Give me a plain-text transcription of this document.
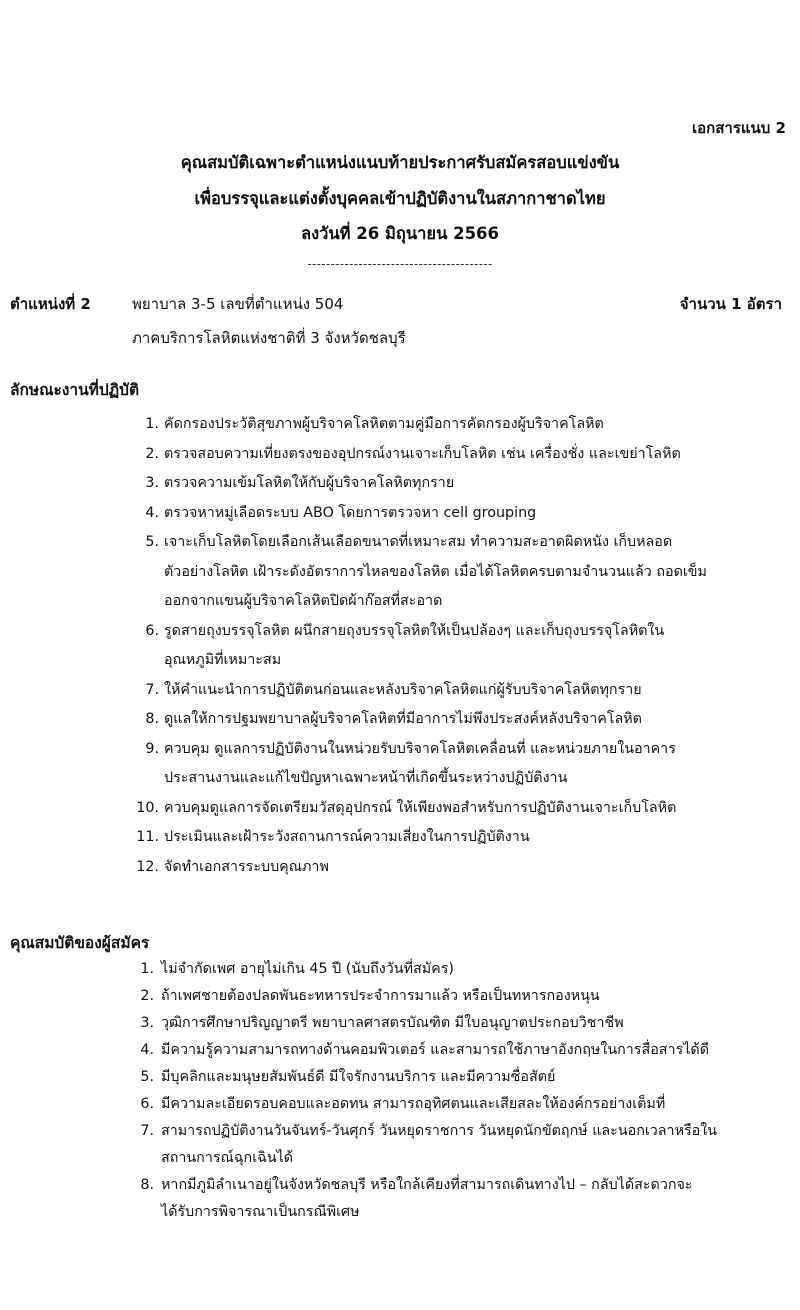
เอกสารแนบ 2
คุณสมบัติเฉพาะตำแหน่งแนบท้ายประกาศรับสมัครสอบแข่งขัน
เพื่อบรรจุและแต่งตั้งบุคคลเข้าปฏิบัติงานในสภากาชาดไทย
ลงวันที่ 26 มิถุนายน 2566
----------------------------------------
ตำแหน่งที่ 2	พยาบาล 3-5 เลขที่ตำแหน่ง 504	จำนวน 1 อัตรา
ภาคบริการโลหิตแห่งชาติที่ 3 จังหวัดชลบุรี
ลักษณะงานที่ปฏิบัติ
1. คัดกรองประวัติสุขภาพผู้บริจาคโลหิตตามคู่มือการคัดกรองผู้บริจาคโลหิต
2. ตรวจสอบความเที่ยงตรงของอุปกรณ์งานเจาะเก็บโลหิต เช่น เครื่องชั่ง และเขย่าโลหิต
3. ตรวจความเข้มโลหิตให้กับผู้บริจาคโลหิตทุกราย
4. ตรวจหาหมู่เลือดระบบ ABO โดยการตรวจหา cell grouping
5. เจาะเก็บโลหิตโดยเลือกเส้นเลือดขนาดที่เหมาะสม ทำความสะอาดผิดหนัง เก็บหลอด
ตัวอย่างโลหิต เฝ้าระดังอัตราการไหลของโลหิต เมื่อได้โลหิตครบตามจำนวนแล้ว ถอดเข็ม
ออกจากแขนผู้บริจาคโลหิตปิดผ้าก๊อสที่สะอาด
6. รูดสายถุงบรรจุโลหิต ผนึกสายถุงบรรจุโลหิตให้เป็นปล้องๆ และเก็บถุงบรรจุโลหิตใน
อุณหภูมิที่เหมาะสม
7. ให้คำแนะนำการปฏิบัติตนก่อนและหลังบริจาคโลหิตแก่ผู้รับบริจาคโลหิตทุกราย
8. ดูแลให้การปฐมพยาบาลผู้บริจาคโลหิตที่มีอาการไม่พึงประสงค์หลังบริจาคโลหิต
9. ควบคุม ดูแลการปฏิบัติงานในหน่วยรับบริจาคโลหิตเคลื่อนที่ และหน่วยภายในอาคาร
ประสานงานและแก้ไขปัญหาเฉพาะหน้าที่เกิดขึ้นระหว่างปฏิบัติงาน
10. ควบคุมดูแลการจัดเตรียมวัสดุอุปกรณ์ ให้เพียงพอสำหรับการปฏิบัติงานเจาะเก็บโลหิต
11. ประเมินและเฝ้าระวังสถานการณ์ความเสี่ยงในการปฏิบัติงาน
12. จัดทำเอกสารระบบคุณภาพ
คุณสมบัติของผู้สมัคร
1. ไม่จำกัดเพศ อายุไม่เกิน 45 ปี (นับถึงวันที่สมัคร)
2. ถ้าเพศชายต้องปลดพันธะทหารประจำการมาแล้ว หรือเป็นทหารกองหนุน
3. วุฒิการศึกษาปริญญาตรี พยาบาลศาสตรบัณฑิต มีใบอนุญาตประกอบวิชาชีพ
4. มีความรู้ความสามารถทางด้านคอมพิวเตอร์ และสามารถใช้ภาษาอังกฤษในการสื่อสารได้ดี
5. มีบุคลิกและมนุษยสัมพันธ์ดี มีใจรักงานบริการ และมีความซื่อสัตย์
6. มีความละเอียดรอบคอบและอดทน สามารถอุทิศตนและเสียสละให้องค์กรอย่างเต็มที่
7. สามารถปฏิบัติงานวันจันทร์-วันศุกร์ วันหยุดราชการ วันหยุดนักขัตฤกษ์ และนอกเวลาหรือใน
สถานการณ์ฉุกเฉินได้
8. หากมีภูมิลำเนาอยู่ในจังหวัดชลบุรี หรือใกล้เคียงที่สามารถเดินทางไป – กลับได้สะดวกจะ
ได้รับการพิจารณาเป็นกรณีพิเศษ
